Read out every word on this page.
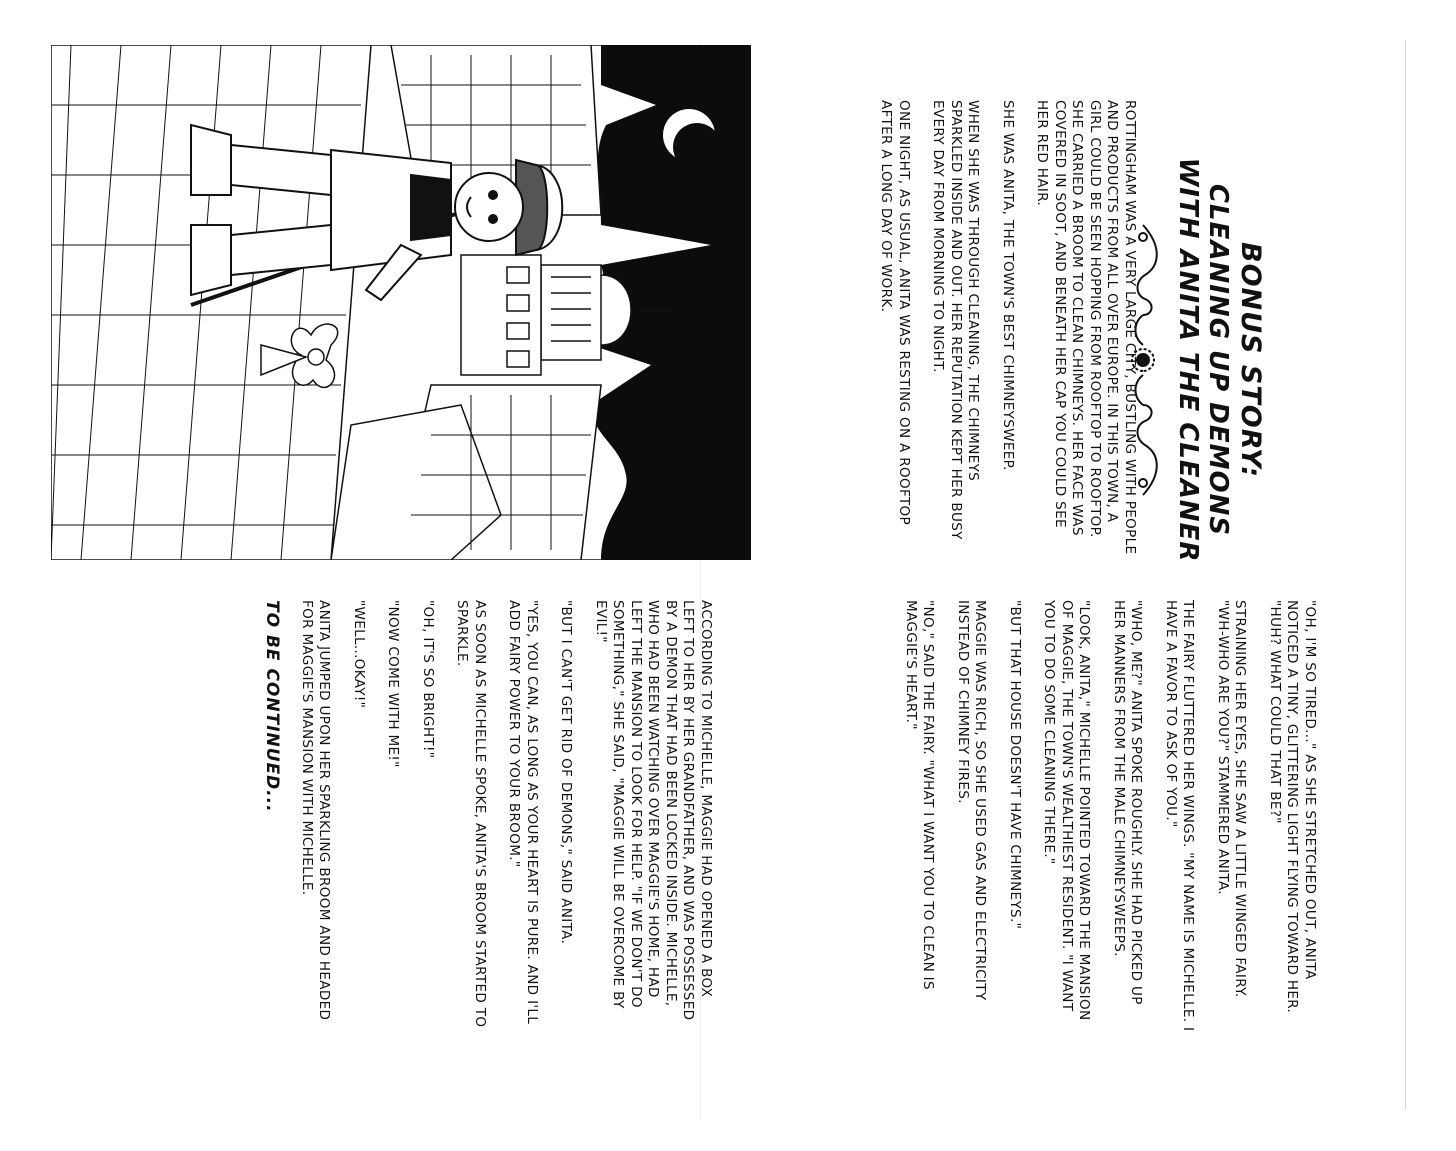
BONUS STORY:
CLEANING UP DEMONS
WITH ANITA THE CLEANER

ROTTINGHAM WAS A VERY LARGE CITY, BUSTLING WITH PEOPLE AND PRODUCTS FROM ALL OVER EUROPE. IN THIS TOWN, A GIRL COULD BE SEEN HOPPING FROM ROOFTOP TO ROOFTOP. SHE CARRIED A BROOM TO CLEAN CHIMNEYS. HER FACE WAS COVERED IN SOOT, AND BENEATH HER CAP YOU COULD SEE HER RED HAIR.

SHE WAS ANITA, THE TOWN'S BEST CHIMNEYSWEEP.

WHEN SHE WAS THROUGH CLEANING, THE CHIMNEYS SPARKLED INSIDE AND OUT. HER REPUTATION KEPT HER BUSY EVERY DAY FROM MORNING TO NIGHT.

ONE NIGHT, AS USUAL, ANITA WAS RESTING ON A ROOFTOP AFTER A LONG DAY OF WORK.

"OH, I'M SO TIRED..." AS SHE STRETCHED OUT, ANITA NOTICED A TINY, GLITTERING LIGHT FLYING TOWARD HER. "HUH? WHAT COULD THAT BE?"

STRAINING HER EYES, SHE SAW A LITTLE WINGED FAIRY. "WH-WHO ARE YOU?" STAMMERED ANITA.

THE FAIRY FLUTTERED HER WINGS. "MY NAME IS MICHELLE. I HAVE A FAVOR TO ASK OF YOU."

"WHO, ME?" ANITA SPOKE ROUGHLY. SHE HAD PICKED UP HER MANNERS FROM THE MALE CHIMNEYSWEEPS.

"LOOK, ANITA," MICHELLE POINTED TOWARD THE MANSION OF MAGGIE, THE TOWN'S WEALTHIEST RESIDENT. "I WANT YOU TO DO SOME CLEANING THERE."

"BUT THAT HOUSE DOESN'T HAVE CHIMNEYS."

MAGGIE WAS RICH, SO SHE USED GAS AND ELECTRICITY INSTEAD OF CHIMNEY FIRES.

"NO," SAID THE FAIRY. "WHAT I WANT YOU TO CLEAN IS MAGGIE'S HEART."

ACCORDING TO MICHELLE, MAGGIE HAD OPENED A BOX LEFT TO HER BY HER GRANDFATHER, AND WAS POSSESSED BY A DEMON THAT HAD BEEN LOCKED INSIDE. MICHELLE, WHO HAD BEEN WATCHING OVER MAGGIE'S HOME, HAD LEFT THE MANSION TO LOOK FOR HELP. "IF WE DON'T DO SOMETHING," SHE SAID, "MAGGIE WILL BE OVERCOME BY EVIL!"

"BUT I CAN'T GET RID OF DEMONS," SAID ANITA.

"YES, YOU CAN, AS LONG AS YOUR HEART IS PURE. AND I'LL ADD FAIRY POWER TO YOUR BROOM."

AS SOON AS MICHELLE SPOKE, ANITA'S BROOM STARTED TO SPARKLE.

"OH, IT'S SO BRIGHT!"

"NOW COME WITH ME!"

"WELL...OKAY!"

ANITA JUMPED UPON HER SPARKLING BROOM AND HEADED FOR MAGGIE'S MANSION WITH MICHELLE.

TO BE CONTINUED...
